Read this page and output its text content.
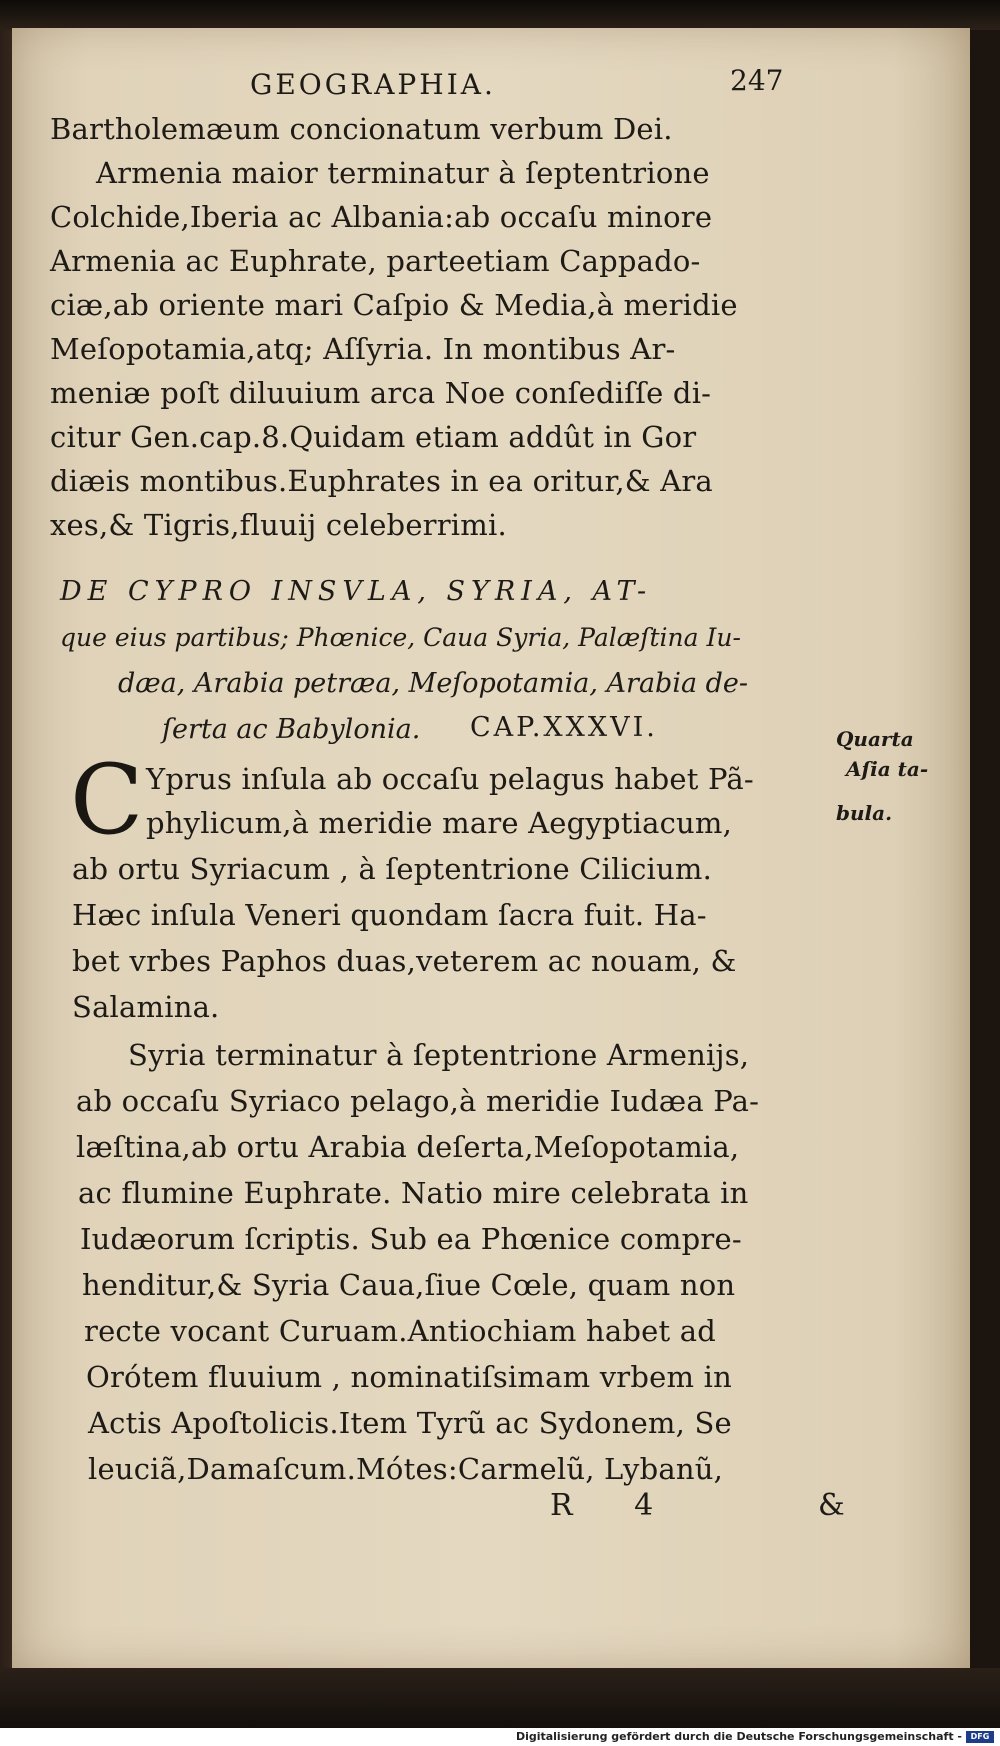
GEOGRAPHIA.	247
Bartholemæum concionatum verbum Dei.
Armenia maior terminatur à ſeptentrione
Colchide,Iberia ac Albania:ab occaſu minore
Armenia ac Euphrate, parteetiam Cappado-
ciæ,ab oriente mari Caſpio & Media,à meridie
Meſopotamia,atq; Aſſyria. In montibus Ar-
meniæ poſt diluuium arca Noe conſediſſe di-
citur Gen.cap.8.Quidam etiam addût in Gor
diæis montibus.Euphrates in ea oritur,& Ara
xes,& Tigris,fluuij celeberrimi.
DE CYPRO INSVLA, SYRIA, AT-
que eius partibus; Phœnice, Caua Syria, Palæſtina Iu-
dæa, Arabia petræa, Meſopotamia, Arabia de-
ſerta ac Babylonia. CAP.XXXVI.	Quarta
Aſia ta-
bula.
C Yprus inſula ab occaſu pelagus habet Pã-
phylicum,à meridie mare Aegyptiacum,
ab ortu Syriacum , à ſeptentrione Cilicium.
Hæc inſula Veneri quondam ſacra fuit. Ha-
bet vrbes Paphos duas,veterem ac nouam, &
Salamina.
Syria terminatur à ſeptentrione Armenijs,
ab occaſu Syriaco pelago,à meridie Iudæa Pa-
læſtina,ab ortu Arabia deſerta,Meſopotamia,
ac flumine Euphrate. Natio mire celebrata in
Iudæorum ſcriptis. Sub ea Phœnice compre-
henditur,& Syria Caua,ſiue Cœle, quam non
recte vocant Curuam.Antiochiam habet ad
Orótem fluuium , nominatiſsimam vrbem in
Actis Apoſtolicis.Item Tyrũ ac Sydonem, Se
leuciã,Damaſcum.Mótes:Carmelũ, Lybanũ,
R 4	&
Digitalisierung gefördert durch die Deutsche Forschungsgemeinschaft -	DFG
